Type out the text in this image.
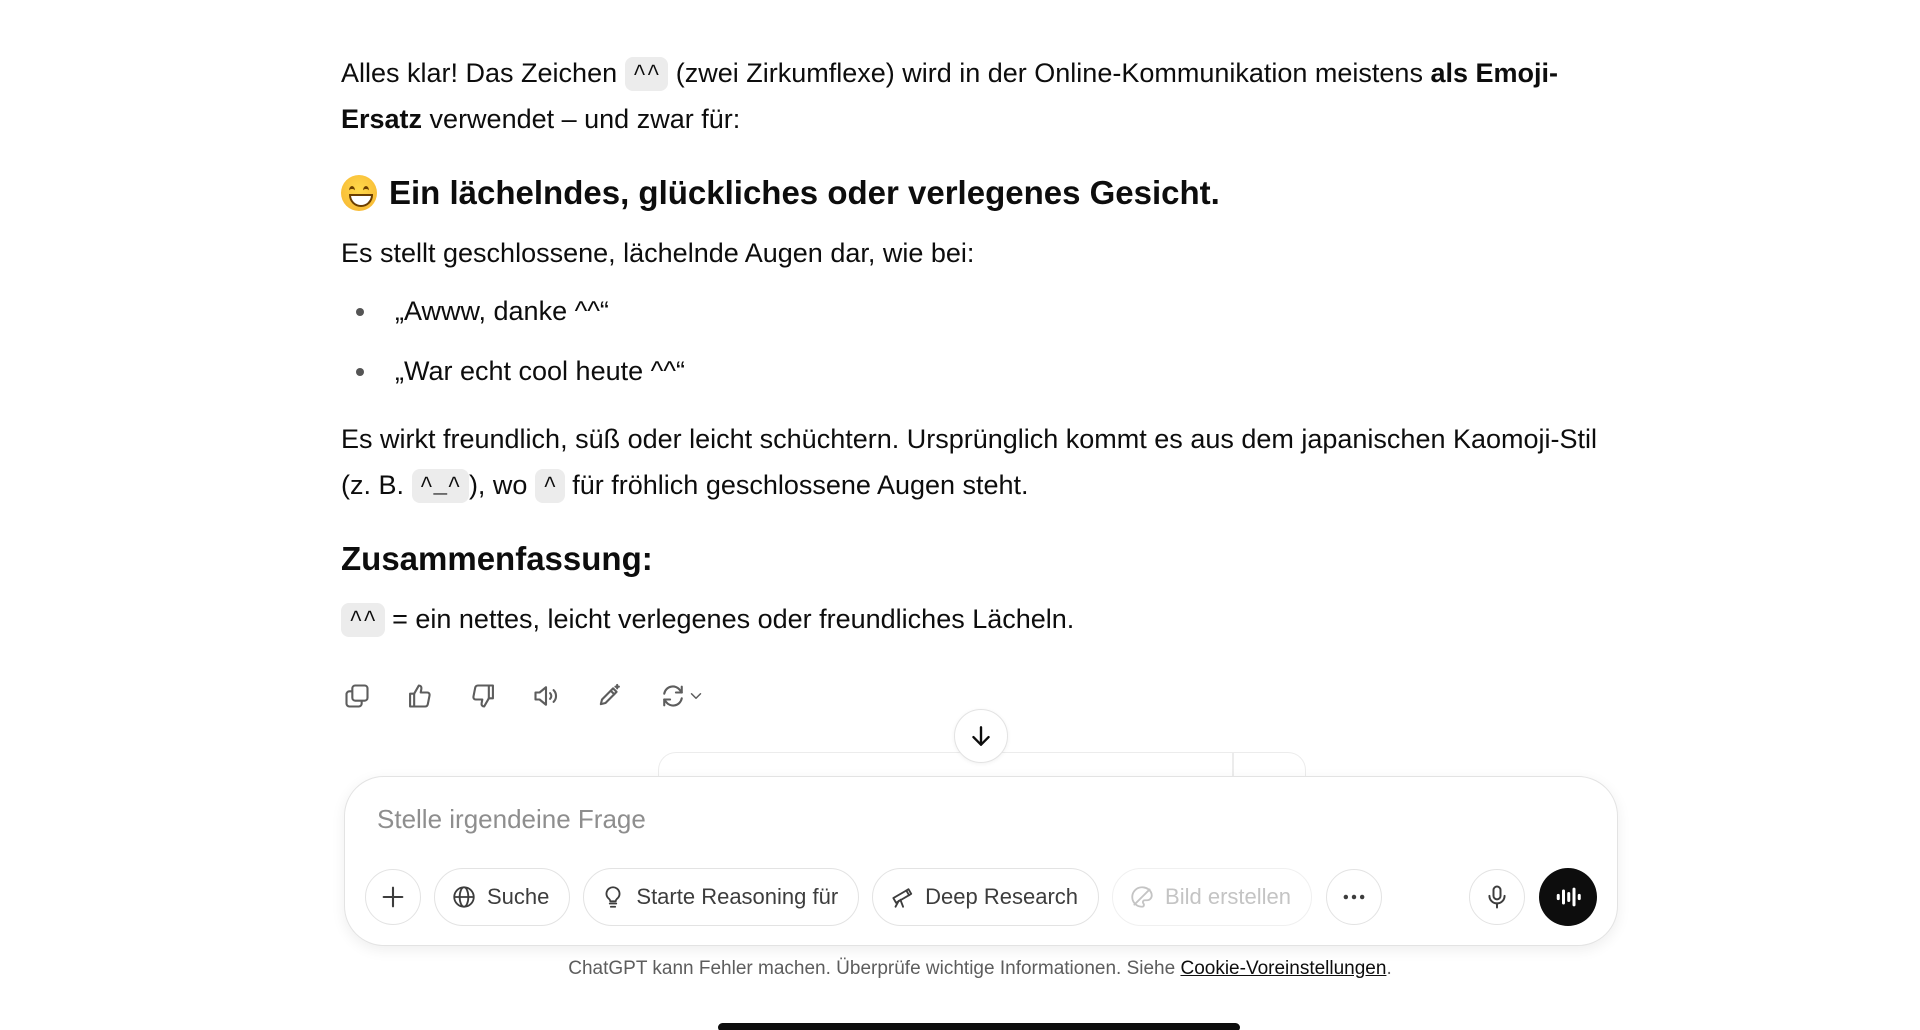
Alles klar! Das Zeichen ^^ (zwei Zirkumflexe) wird in der Online-Kommunikation meistens als Emoji-Ersatz verwendet – und zwar für:

Ein lächelndes, glückliches oder verlegenes Gesicht.

Es stellt geschlossene, lächelnde Augen dar, wie bei:

„Awww, danke ^^“
„War echt cool heute ^^“

Es wirkt freundlich, süß oder leicht schüchtern. Ursprünglich kommt es aus dem japanischen Kaomoji-Stil (z. B. ^_^ ), wo ^ für fröhlich geschlossene Augen steht.

Zusammenfassung:

^^ = ein nettes, leicht verlegenes oder freundliches Lächeln.

Stelle irgendeine Frage
Suche	Starte Reasoning für	Deep Research	Bild erstellen
ChatGPT kann Fehler machen. Überprüfe wichtige Informationen. Siehe Cookie-Voreinstellungen.
